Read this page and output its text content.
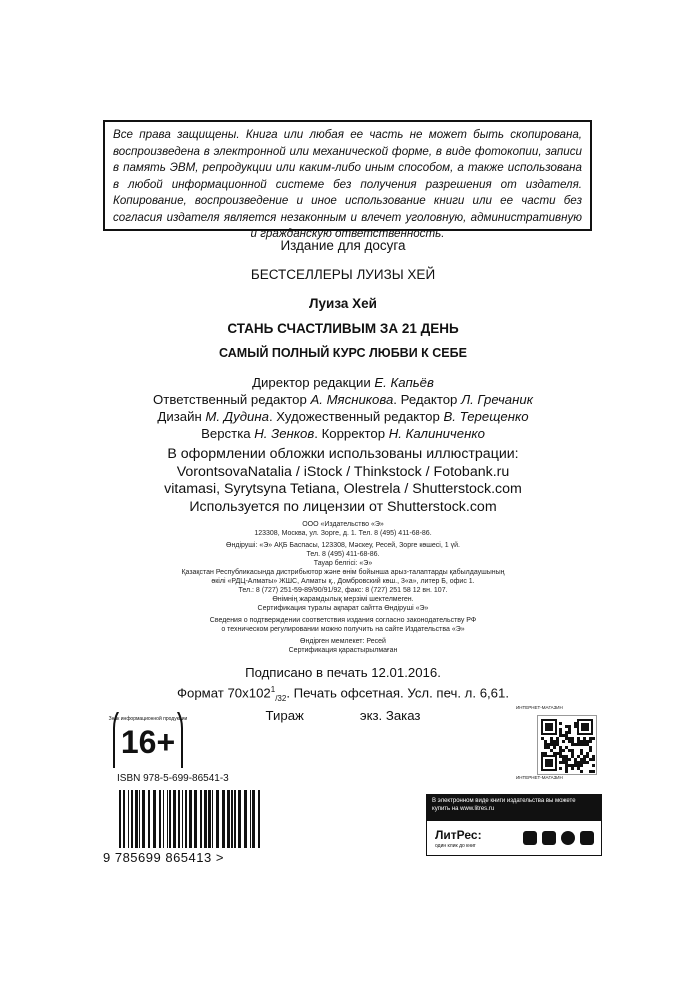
Все права защищены. Книга или любая ее часть не может быть скопирована, воспроизведена в электронной или механической форме, в виде фотокопии, записи в память ЭВМ, репродукции или каким-либо иным способом, а также использована в любой информационной системе без получения разрешения от издателя. Копирование, воспроизведение и иное использование книги или ее части без согласия издателя является незаконным и влечет уголовную, административную и гражданскую ответственность.

Издание для досуга
БЕСТСЕЛЛЕРЫ ЛУИЗЫ ХЕЙ
Луиза Хей
СТАНЬ СЧАСТЛИВЫМ ЗА 21 ДЕНЬ
САМЫЙ ПОЛНЫЙ КУРС ЛЮБВИ К СЕБЕ
Директор редакции Е. Капьёв
Ответственный редактор А. Мясникова. Редактор Л. Гречаник
Дизайн М. Дудина. Художественный редактор В. Терещенко
Верстка Н. Зенков. Корректор Н. Калиниченко
В оформлении обложки использованы иллюстрации:
VorontsovaNatalia / iStock / Thinkstock / Fotobank.ru
vitamasi, Syrytsyna Tetiana, Olestrela / Shutterstock.com
Используется по лицензии от Shutterstock.com
ООО «Издательство «Э»
123308, Москва, ул. Зорге, д. 1. Тел. 8 (495) 411-68-86.
Өндіруші: «Э» АҚБ Баспасы, 123308, Мәскеу, Ресей, Зорге көшесі, 1 үй.
Тел. 8 (495) 411-68-86.
Тауар белгісі: «Э»
Қазақстан Республикасында дистрибьютор және өнім бойынша арыз-талаптарды қабылдаушының
өкілі «РДЦ-Алматы» ЖШС, Алматы қ., Домбровский көш., 3«а», литер Б, офис 1.
Тел.: 8 (727) 251-59-89/90/91/92, факс: 8 (727) 251 58 12 вн. 107.
Өнімнің жарамдылық мерзімі шектелмеген.
Сертификация туралы ақпарат сайтта Өндіруші «Э»
Сведения о подтверждении соответствия издания согласно законодательству РФ
о техническом регулировании можно получить на сайте Издательства «Э»
Өндірген мемлекет: Ресей
Сертификация қарастырылмаған
Подписано в печать 12.01.2016.
Формат $70х102^1_{/32}$. Печать офсетная. Усл. печ. л. 6,61.
Тираж	экз. Заказ
Знак информационной продукции
16+
ISBN 978-5-699-86541-3
9 785699 865413 >
ИНТЕРНЕТ-МАГАЗИН
ИНТЕРНЕТ-МАГАЗИН
В электронном виде книги издательства вы можете
купить на www.litres.ru
ЛитРес:
один клик до книг
